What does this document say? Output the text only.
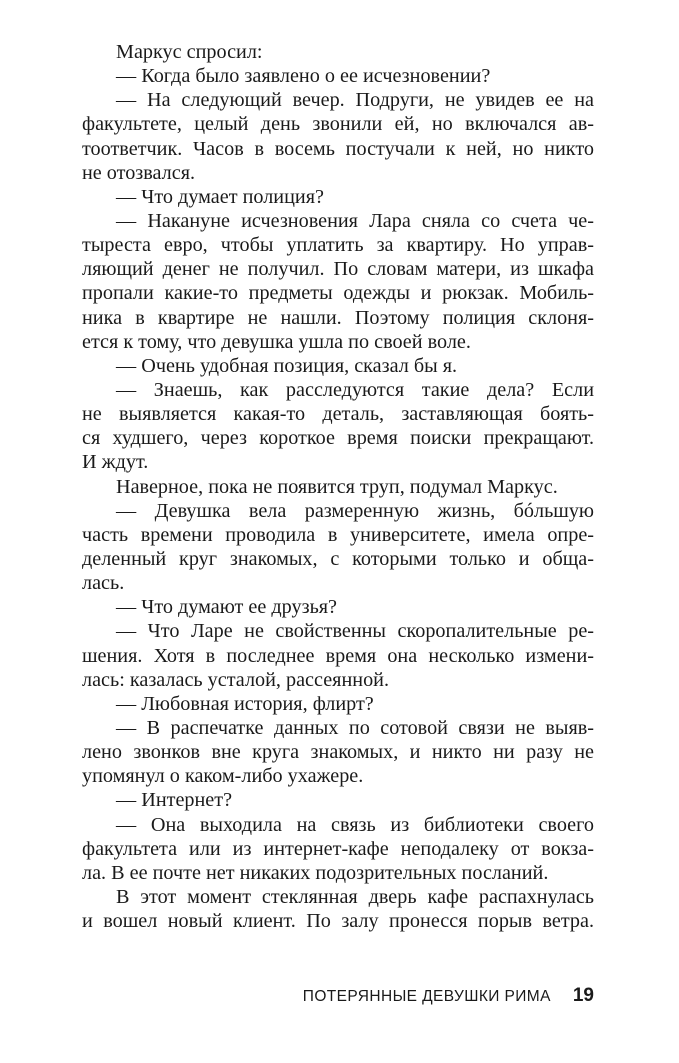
Маркус спросил:
— Когда было заявлено о ее исчезновении?
— На следующий вечер. Подруги, не увидев ее на
факультете, целый день звонили ей, но включался ав-
тоответчик. Часов в восемь постучали к ней, но никто
не отозвался.
— Что думает полиция?
— Накануне исчезновения Лара сняла со счета че-
тыреста евро, чтобы уплатить за квартиру. Но управ-
ляющий денег не получил. По словам матери, из шкафа
пропали какие-то предметы одежды и рюкзак. Мобиль-
ника в квартире не нашли. Поэтому полиция склоня-
ется к тому, что девушка ушла по своей воле.
— Очень удобная позиция, сказал бы я.
— Знаешь, как расследуются такие дела? Если
не выявляется какая-то деталь, заставляющая боять-
ся худшего, через короткое время поиски прекращают.
И ждут.
Наверное, пока не появится труп, подумал Маркус.
— Девушка вела размеренную жизнь, бóльшую
часть времени проводила в университете, имела опре-
деленный круг знакомых, с которыми только и обща-
лась.
— Что думают ее друзья?
— Что Ларе не свойственны скоропалительные ре-
шения. Хотя в последнее время она несколько измени-
лась: казалась усталой, рассеянной.
— Любовная история, флирт?
— В распечатке данных по сотовой связи не выяв-
лено звонков вне круга знакомых, и никто ни разу не
упомянул о каком-либо ухажере.
— Интернет?
— Она выходила на связь из библиотеки своего
факультета или из интернет-кафе неподалеку от вокза-
ла. В ее почте нет никаких подозрительных посланий.
В этот момент стеклянная дверь кафе распахнулась
и вошел новый клиент. По залу пронесся порыв ветра.
ПОТЕРЯННЫЕ ДЕВУШКИ РИМА 19
